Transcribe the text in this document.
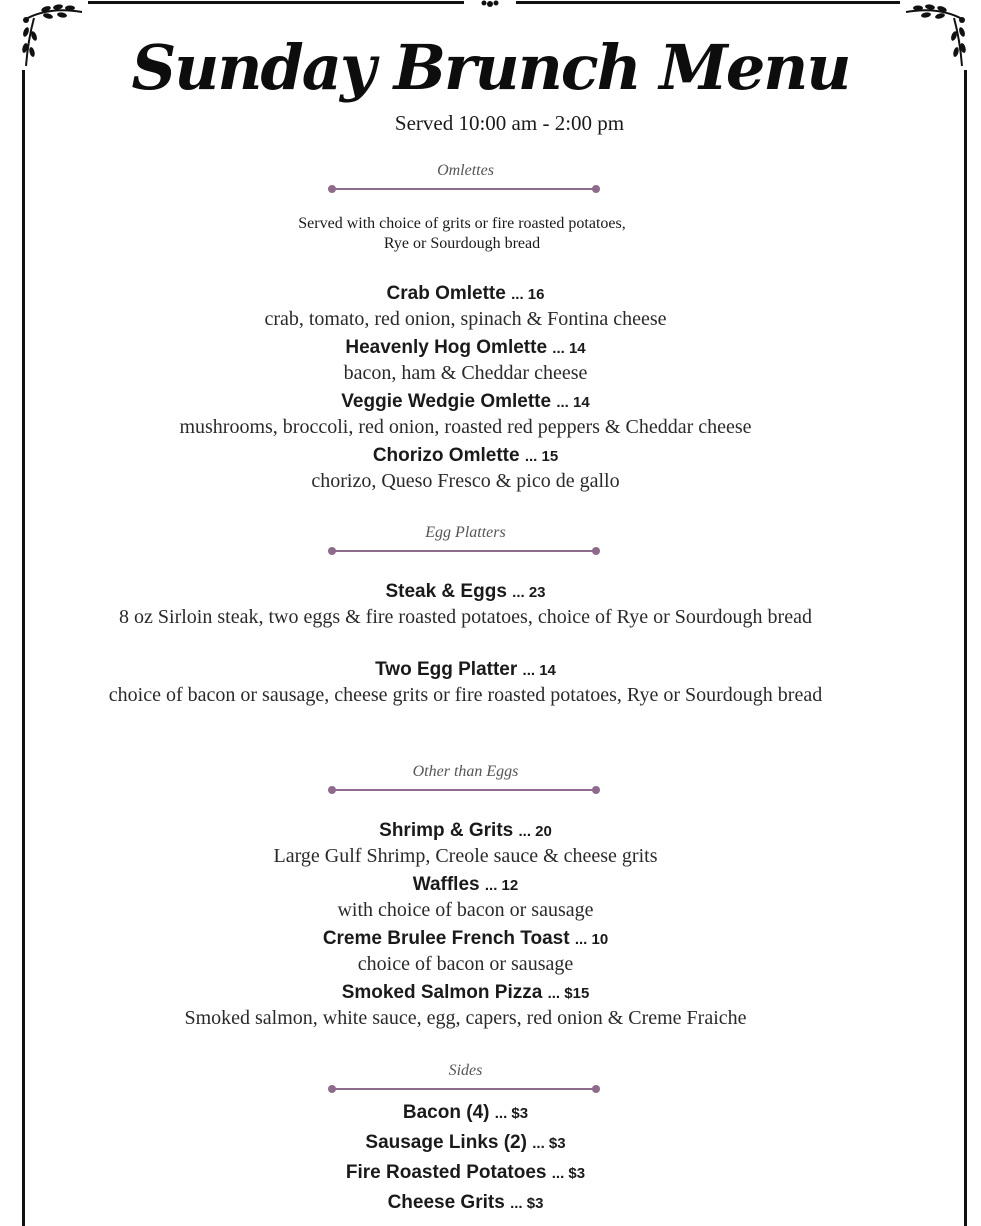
Sunday Brunch Menu
Served 10:00 am - 2:00 pm
Omlettes
Served with choice of grits or fire roasted potatoes,
Rye or Sourdough bread
Crab Omlette ... 16
crab, tomato, red onion, spinach & Fontina cheese
Heavenly Hog Omlette ... 14
bacon, ham & Cheddar cheese
Veggie Wedgie Omlette ... 14
mushrooms, broccoli, red onion, roasted red peppers & Cheddar cheese
Chorizo Omlette ... 15
chorizo, Queso Fresco & pico de gallo
Egg Platters
Steak & Eggs ... 23
8 oz Sirloin steak, two eggs & fire roasted potatoes, choice of Rye or Sourdough bread
Two Egg Platter ... 14
choice of bacon or sausage, cheese grits or fire roasted potatoes, Rye or Sourdough bread
Other than Eggs
Shrimp & Grits ... 20
Large Gulf Shrimp, Creole sauce & cheese grits
Waffles ... 12
with choice of bacon or sausage
Creme Brulee French Toast ... 10
choice of bacon or sausage
Smoked Salmon Pizza ... $15
Smoked salmon, white sauce, egg, capers, red onion & Creme Fraiche
Sides
Bacon (4) ... $3
Sausage Links (2) ... $3
Fire Roasted Potatoes ... $3
Cheese Grits ... $3
